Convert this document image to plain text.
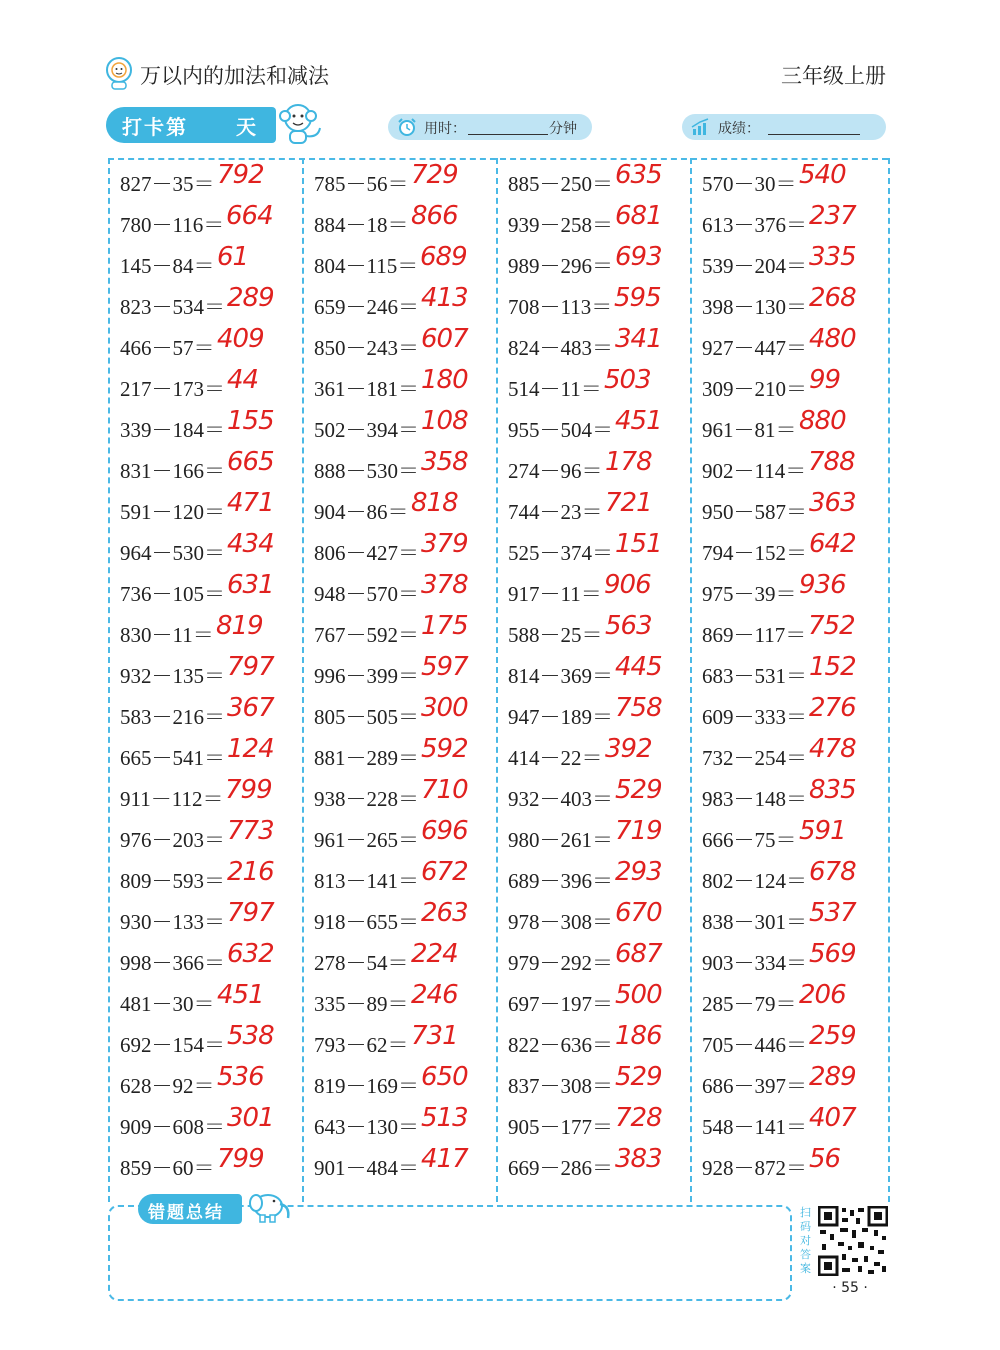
万以内的加法和减法	三年级上册
打卡第 天	用时：	分钟	成绩：
827－35＝ 792
780－116＝ 664
145－84＝ 61
823－534＝ 289
466－57＝ 409
217－173＝ 44
339－184＝ 155
831－166＝ 665
591－120＝ 471
964－530＝ 434
736－105＝ 631
830－11＝ 819
932－135＝ 797
583－216＝ 367
665－541＝ 124
911－112＝ 799
976－203＝ 773
809－593＝ 216
930－133＝ 797
998－366＝ 632
481－30＝ 451
692－154＝ 538
628－92＝ 536
909－608＝ 301
859－60＝ 799
785－56＝ 729
884－18＝ 866
804－115＝ 689
659－246＝ 413
850－243＝ 607
361－181＝ 180
502－394＝ 108
888－530＝ 358
904－86＝ 818
806－427＝ 379
948－570＝ 378
767－592＝ 175
996－399＝ 597
805－505＝ 300
881－289＝ 592
938－228＝ 710
961－265＝ 696
813－141＝ 672
918－655＝ 263
278－54＝ 224
335－89＝ 246
793－62＝ 731
819－169＝ 650
643－130＝ 513
901－484＝ 417
885－250＝ 635
939－258＝ 681
989－296＝ 693
708－113＝ 595
824－483＝ 341
514－11＝ 503
955－504＝ 451
274－96＝ 178
744－23＝ 721
525－374＝ 151
917－11＝ 906
588－25＝ 563
814－369＝ 445
947－189＝ 758
414－22＝ 392
932－403＝ 529
980－261＝ 719
689－396＝ 293
978－308＝ 670
979－292＝ 687
697－197＝ 500
822－636＝ 186
837－308＝ 529
905－177＝ 728
669－286＝ 383
570－30＝ 540
613－376＝ 237
539－204＝ 335
398－130＝ 268
927－447＝ 480
309－210＝ 99
961－81＝ 880
902－114＝ 788
950－587＝ 363
794－152＝ 642
975－39＝ 936
869－117＝ 752
683－531＝ 152
609－333＝ 276
732－254＝ 478
983－148＝ 835
666－75＝ 591
802－124＝ 678
838－301＝ 537
903－334＝ 569
285－79＝ 206
705－446＝ 259
686－397＝ 289
548－141＝ 407
928－872＝ 56
错题总结	扫码对答案
· 55 ·
